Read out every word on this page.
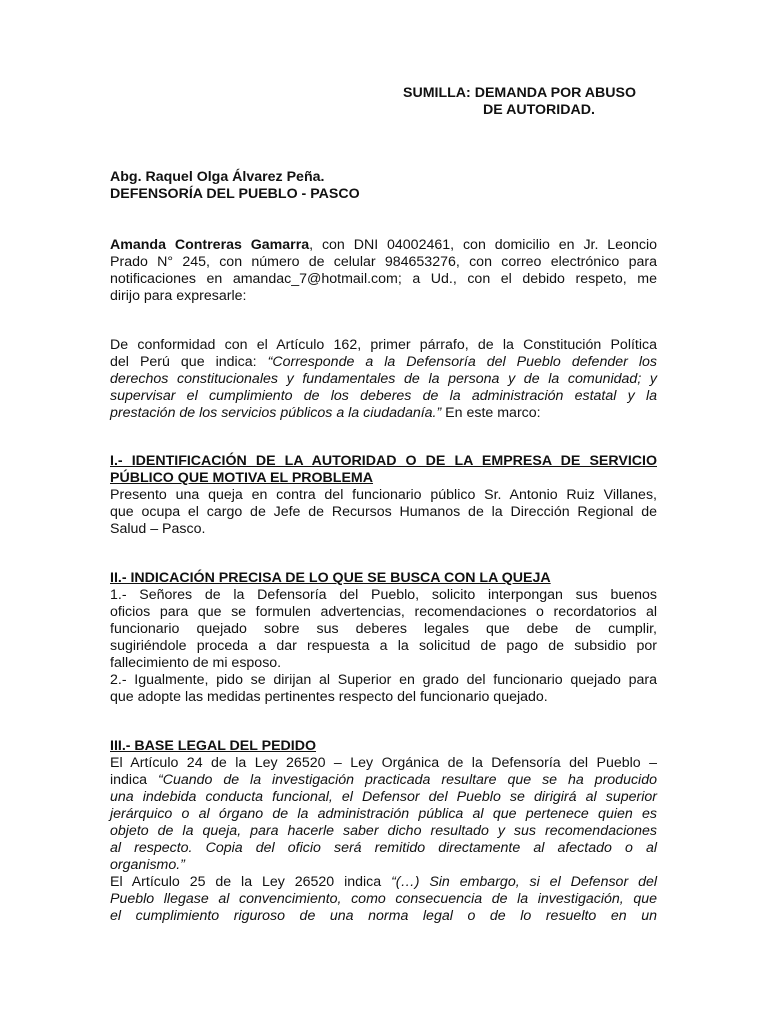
SUMILLA: DEMANDA POR ABUSO
DE AUTORIDAD.
Abg. Raquel Olga Álvarez Peña.
DEFENSORÍA DEL PUEBLO - PASCO
Amanda Contreras Gamarra, con DNI 04002461, con domicilio en Jr. Leoncio
Prado N° 245, con número de celular 984653276, con correo electrónico para
notificaciones en amandac_7@hotmail.com; a Ud., con el debido respeto, me
dirijo para expresarle:
De conformidad con el Artículo 162, primer párrafo, de la Constitución Política
del Perú que indica: “Corresponde a la Defensoría del Pueblo defender los
derechos constitucionales y fundamentales de la persona y de la comunidad; y
supervisar el cumplimiento de los deberes de la administración estatal y la
prestación de los servicios públicos a la ciudadanía.” En este marco:
I.- IDENTIFICACIÓN DE LA AUTORIDAD O DE LA EMPRESA DE SERVICIO
PÚBLICO QUE MOTIVA EL PROBLEMA
Presento una queja en contra del funcionario público Sr. Antonio Ruiz Villanes,
que ocupa el cargo de Jefe de Recursos Humanos de la Dirección Regional de
Salud – Pasco.
II.- INDICACIÓN PRECISA DE LO QUE SE BUSCA CON LA QUEJA
1.- Señores de la Defensoría del Pueblo, solicito interpongan sus buenos
oficios para que se formulen advertencias, recomendaciones o recordatorios al
funcionario quejado sobre sus deberes legales que debe de cumplir,
sugiriéndole proceda a dar respuesta a la solicitud de pago de subsidio por
fallecimiento de mi esposo.
2.- Igualmente, pido se dirijan al Superior en grado del funcionario quejado para
que adopte las medidas pertinentes respecto del funcionario quejado.
III.- BASE LEGAL DEL PEDIDO
El Artículo 24 de la Ley 26520 – Ley Orgánica de la Defensoría del Pueblo –
indica “Cuando de la investigación practicada resultare que se ha producido
una indebida conducta funcional, el Defensor del Pueblo se dirigirá al superior
jerárquico o al órgano de la administración pública al que pertenece quien es
objeto de la queja, para hacerle saber dicho resultado y sus recomendaciones
al respecto. Copia del oficio será remitido directamente al afectado o al
organismo.”
El Artículo 25 de la Ley 26520 indica “(…) Sin embargo, si el Defensor del
Pueblo llegase al convencimiento, como consecuencia de la investigación, que
el cumplimiento riguroso de una norma legal o de lo resuelto en un
